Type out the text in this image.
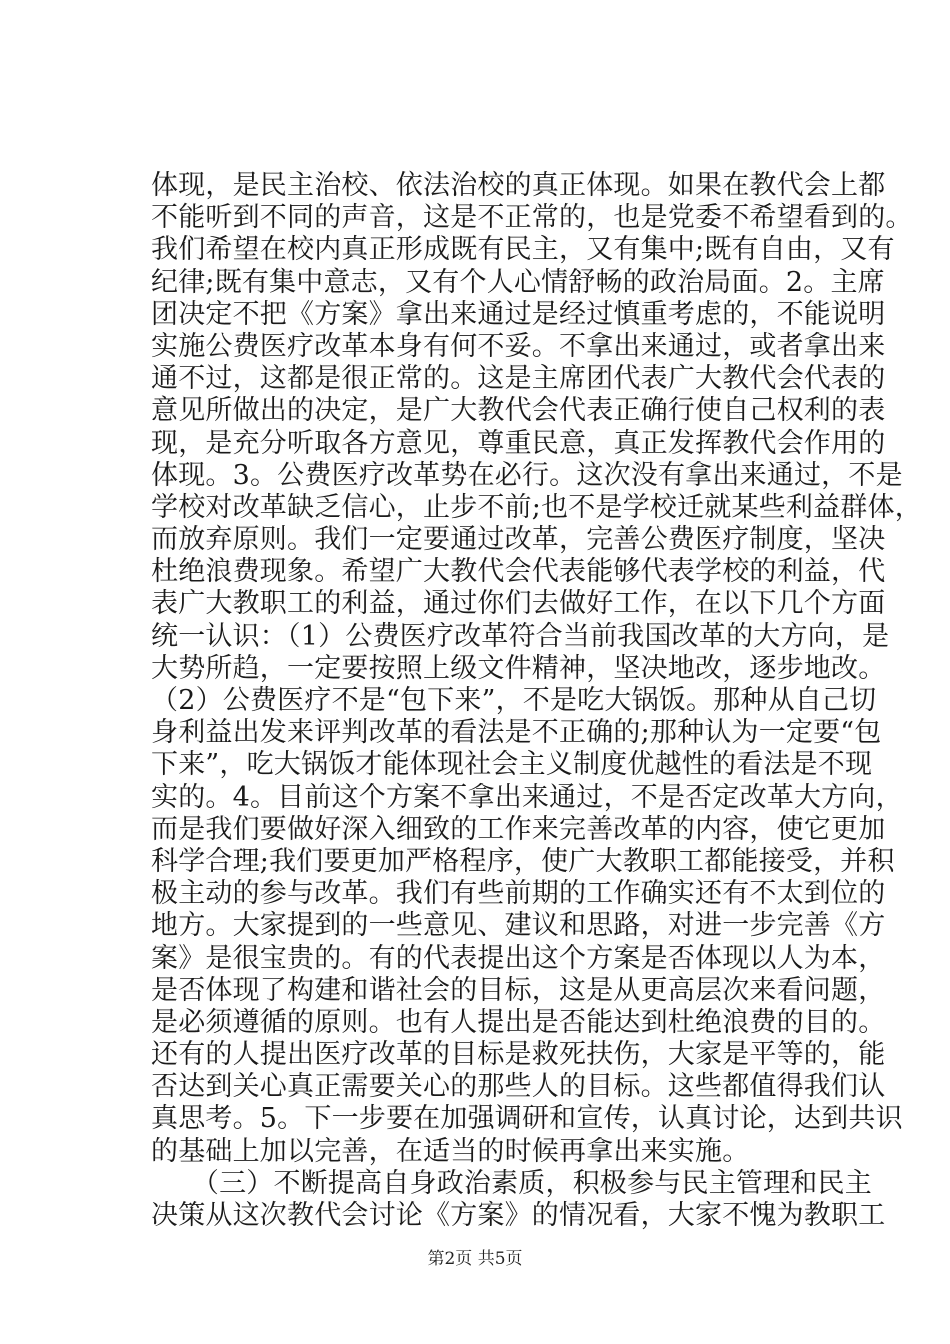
体现，是民主治校、依法治校的真正体现。如果在教代会上都
不能听到不同的声音，这是不正常的，也是党委不希望看到的。
我们希望在校内真正形成既有民主，又有集中;既有自由，又有
纪律;既有集中意志，又有个人心情舒畅的政治局面。2。主席
团决定不把《方案》拿出来通过是经过慎重考虑的，不能说明
实施公费医疗改革本身有何不妥。不拿出来通过，或者拿出来
通不过，这都是很正常的。这是主席团代表广大教代会代表的
意见所做出的决定，是广大教代会代表正确行使自己权利的表
现，是充分听取各方意见，尊重民意，真正发挥教代会作用的
体现。3。公费医疗改革势在必行。这次没有拿出来通过，不是
学校对改革缺乏信心，止步不前;也不是学校迁就某些利益群体，
而放弃原则。我们一定要通过改革，完善公费医疗制度，坚决
杜绝浪费现象。希望广大教代会代表能够代表学校的利益，代
表广大教职工的利益，通过你们去做好工作，在以下几个方面
统一认识：（1）公费医疗改革符合当前我国改革的大方向，是
大势所趋，一定要按照上级文件精神，坚决地改，逐步地改。
（2）公费医疗不是“包下来”，不是吃大锅饭。那种从自己切
身利益出发来评判改革的看法是不正确的;那种认为一定要“包
下来”，吃大锅饭才能体现社会主义制度优越性的看法是不现
实的。4。目前这个方案不拿出来通过，不是否定改革大方向，
而是我们要做好深入细致的工作来完善改革的内容，使它更加
科学合理;我们要更加严格程序，使广大教职工都能接受，并积
极主动的参与改革。我们有些前期的工作确实还有不太到位的
地方。大家提到的一些意见、建议和思路，对进一步完善《方
案》是很宝贵的。有的代表提出这个方案是否体现以人为本，
是否体现了构建和谐社会的目标，这是从更高层次来看问题，
是必须遵循的原则。也有人提出是否能达到杜绝浪费的目的。
还有的人提出医疗改革的目标是救死扶伤，大家是平等的，能
否达到关心真正需要关心的那些人的目标。这些都值得我们认
真思考。5。下一步要在加强调研和宣传，认真讨论，达到共识
的基础上加以完善，在适当的时候再拿出来实施。
　　（三）不断提高自身政治素质，积极参与民主管理和民主
决策从这次教代会讨论《方案》的情况看，大家不愧为教职工
第2页 共5页
